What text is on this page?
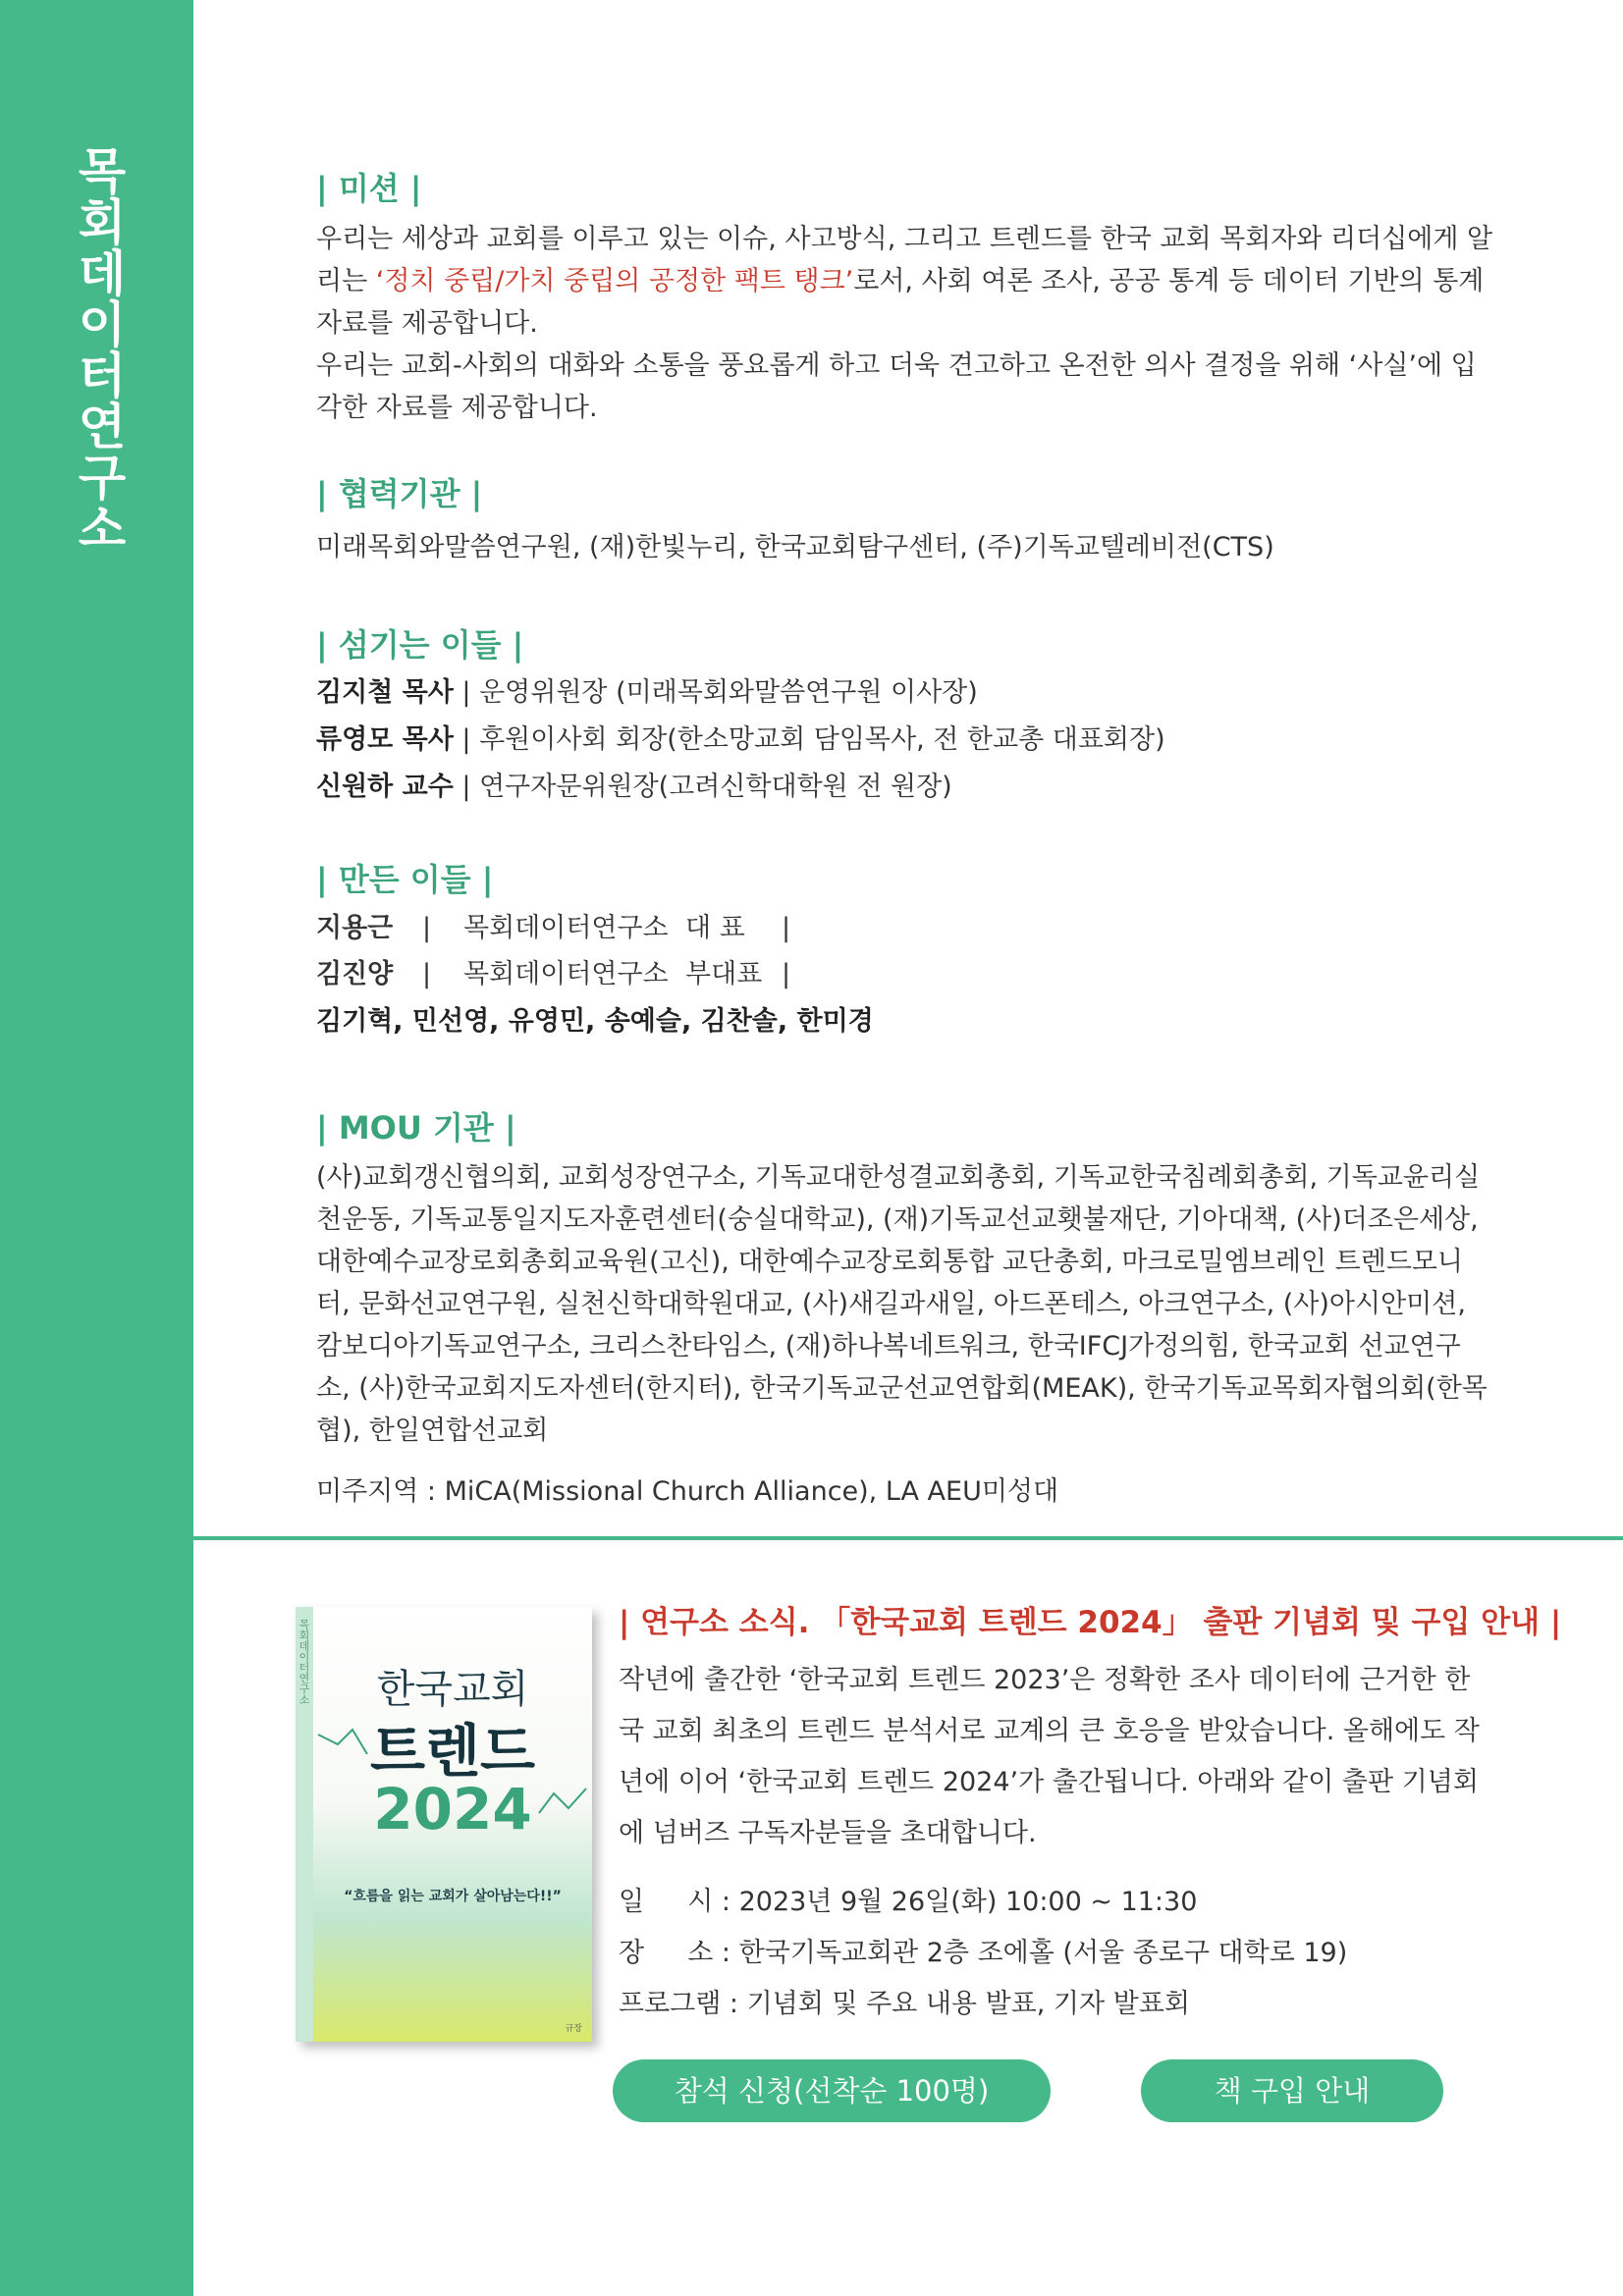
목회데이터연구소	| 미션 |
우리는 세상과 교회를 이루고 있는 이슈, 사고방식, 그리고 트렌드를 한국 교회 목회자와 리더십에게 알리는 ‘정치 중립/가치 중립의 공정한 팩트 탱크’로서, 사회 여론 조사, 공공 통계 등 데이터 기반의 통계 자료를 제공합니다.
우리는 교회-사회의 대화와 소통을 풍요롭게 하고 더욱 견고하고 온전한 의사 결정을 위해 ‘사실’에 입각한 자료를 제공합니다.
| 협력기관 |
미래목회와말씀연구원, (재)한빛누리, 한국교회탐구센터, (주)기독교텔레비전(CTS)
| 섬기는 이들 |
김지철 목사 | 운영위원장 (미래목회와말씀연구원 이사장)
류영모 목사 | 후원이사회 회장(한소망교회 담임목사, 전 한교총 대표회장)
신원하 교수 | 연구자문위원장(고려신학대학원 전 원장)
| 만든 이들 |
지용근 | 목회데이터연구소 대 표 |
김진양 | 목회데이터연구소 부대표 |
김기혁, 민선영, 유영민, 송예슬, 김찬솔, 한미경
| MOU 기관 |
(사)교회갱신협의회, 교회성장연구소, 기독교대한성결교회총회, 기독교한국침례회총회, 기독교윤리실천운동, 기독교통일지도자훈련센터(숭실대학교), (재)기독교선교횃불재단, 기아대책, (사)더조은세상, 대한예수교장로회총회교육원(고신), 대한예수교장로회통합 교단총회, 마크로밀엠브레인 트렌드모니터, 문화선교연구원, 실천신학대학원대교, (사)새길과새일, 아드폰테스, 아크연구소, (사)아시안미션, 캄보디아기독교연구소, 크리스찬타임스, (재)하나복네트워크, 한국IFCJ가정의힘, 한국교회 선교연구소, (사)한국교회지도자센터(한지터), 한국기독교군선교연합회(MEAK), 한국기독교목회자협의회(한목협), 한일연합선교회
미주지역 : MiCA(Missional Church Alliance), LA AEU미성대
목회데이터연구소	한국교회
트렌드
2024
“흐름을 읽는 교회가 살아남는다!!”
규장
| 연구소 소식. 「한국교회 트렌드 2024」 출판 기념회 및 구입 안내 |
작년에 출간한 ‘한국교회 트렌드 2023’은 정확한 조사 데이터에 근거한 한국 교회 최초의 트렌드 분석서로 교계의 큰 호응을 받았습니다. 올해에도 작년에 이어 ‘한국교회 트렌드 2024’가 출간됩니다. 아래와 같이 출판 기념회에 넘버즈 구독자분들을 초대합니다.
일 　 시 : 2023년 9월 26일(화) 10:00 ~ 11:30
장 　 소 : 한국기독교회관 2층 조에홀 (서울 종로구 대학로 19)
프로그램 : 기념회 및 주요 내용 발표, 기자 발표회
참석 신청(선착순 100명)	책 구입 안내
